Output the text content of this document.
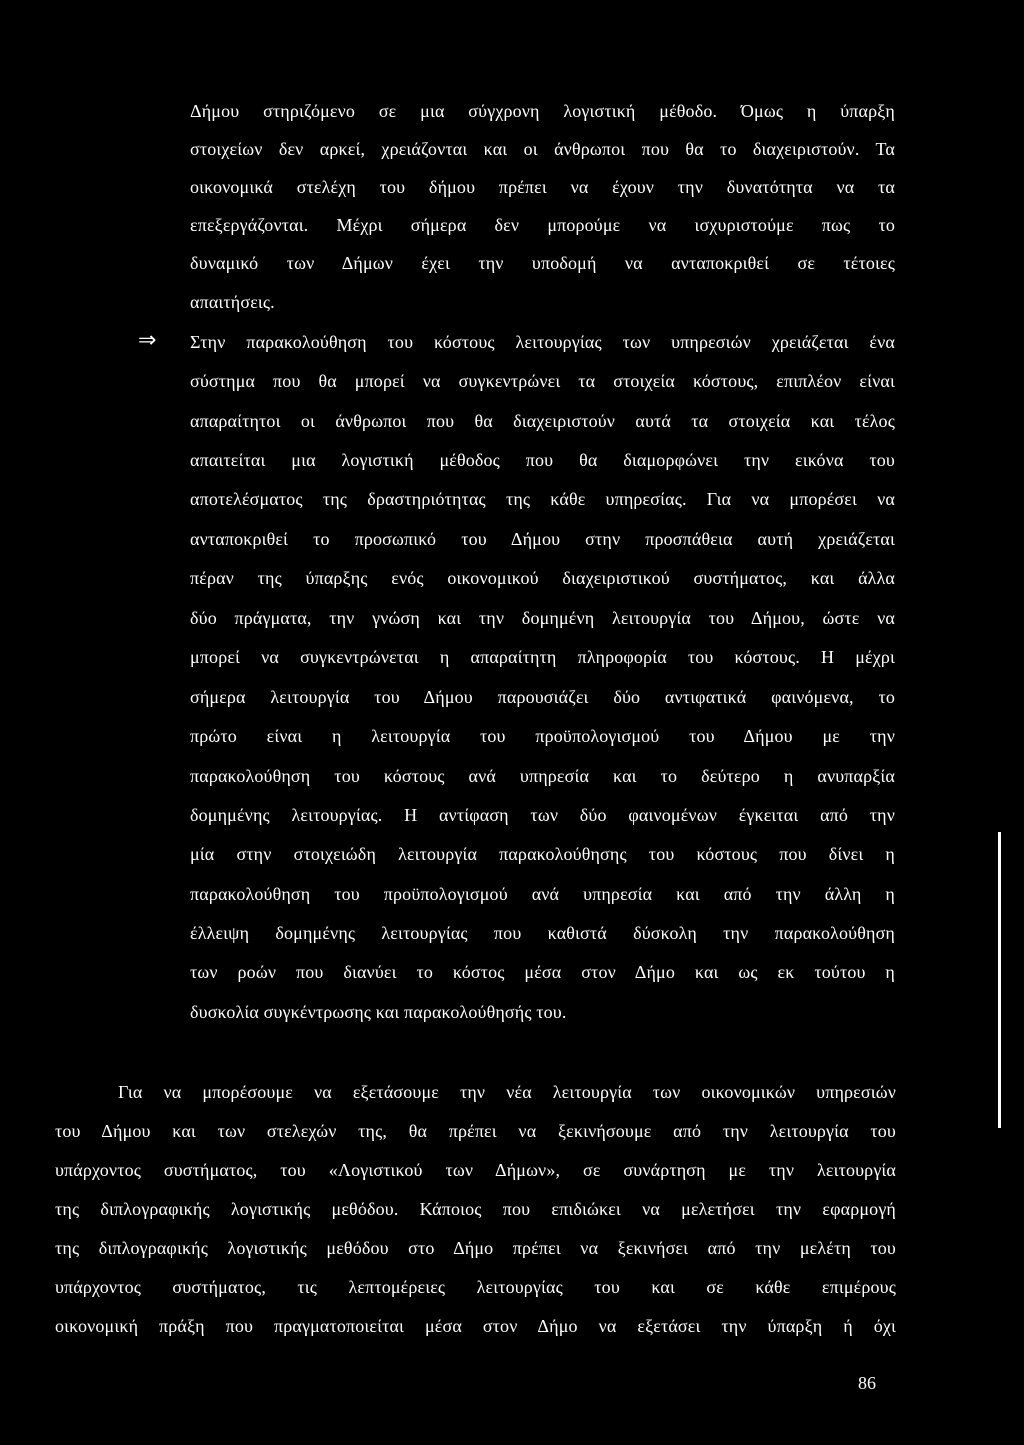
Δήμου στηριζόμενο σε μια σύγχρονη λογιστική μέθοδο. Όμως η ύπαρξη
στοιχείων δεν αρκεί, χρειάζονται και οι άνθρωποι που θα το διαχειριστούν. Τα
οικονομικά στελέχη του δήμου πρέπει να έχουν την δυνατότητα να τα
επεξεργάζονται. Μέχρι σήμερα δεν μπορούμε να ισχυριστούμε πως το
δυναμικό των Δήμων έχει την υποδομή να ανταποκριθεί σε τέτοιες
απαιτήσεις.
⇒ Στην παρακολούθηση του κόστους λειτουργίας των υπηρεσιών χρειάζεται ένα
σύστημα που θα μπορεί να συγκεντρώνει τα στοιχεία κόστους, επιπλέον είναι
απαραίτητοι οι άνθρωποι που θα διαχειριστούν αυτά τα στοιχεία και τέλος
απαιτείται μια λογιστική μέθοδος που θα διαμορφώνει την εικόνα του
αποτελέσματος της δραστηριότητας της κάθε υπηρεσίας. Για να μπορέσει να
ανταποκριθεί το προσωπικό του Δήμου στην προσπάθεια αυτή χρειάζεται
πέραν της ύπαρξης ενός οικονομικού διαχειριστικού συστήματος, και άλλα
δύο πράγματα, την γνώση και την δομημένη λειτουργία του Δήμου, ώστε να
μπορεί να συγκεντρώνεται η απαραίτητη πληροφορία του κόστους. Η μέχρι
σήμερα λειτουργία του Δήμου παρουσιάζει δύο αντιφατικά φαινόμενα, το
πρώτο είναι η λειτουργία του προϋπολογισμού του Δήμου με την
παρακολούθηση του κόστους ανά υπηρεσία και το δεύτερο η ανυπαρξία
δομημένης λειτουργίας. Η αντίφαση των δύο φαινομένων έγκειται από την
μία στην στοιχειώδη λειτουργία παρακολούθησης του κόστους που δίνει η
παρακολούθηση του προϋπολογισμού ανά υπηρεσία και από την άλλη η
έλλειψη δομημένης λειτουργίας που καθιστά δύσκολη την παρακολούθηση
των ροών που διανύει το κόστος μέσα στον Δήμο και ως εκ τούτου η
δυσκολία συγκέντρωσης και παρακολούθησής του.
Για να μπορέσουμε να εξετάσουμε την νέα λειτουργία των οικονομικών υπηρεσιών
του Δήμου και των στελεχών της, θα πρέπει να ξεκινήσουμε από την λειτουργία του
υπάρχοντος συστήματος, του «Λογιστικού των Δήμων», σε συνάρτηση με την λειτουργία
της διπλογραφικής λογιστικής μεθόδου. Κάποιος που επιδιώκει να μελετήσει την εφαρμογή
της διπλογραφικής λογιστικής μεθόδου στο Δήμο πρέπει να ξεκινήσει από την μελέτη του
υπάρχοντος συστήματος, τις λεπτομέρειες λειτουργίας του και σε κάθε επιμέρους
οικονομική πράξη που πραγματοποιείται μέσα στον Δήμο να εξετάσει την ύπαρξη ή όχι
86
